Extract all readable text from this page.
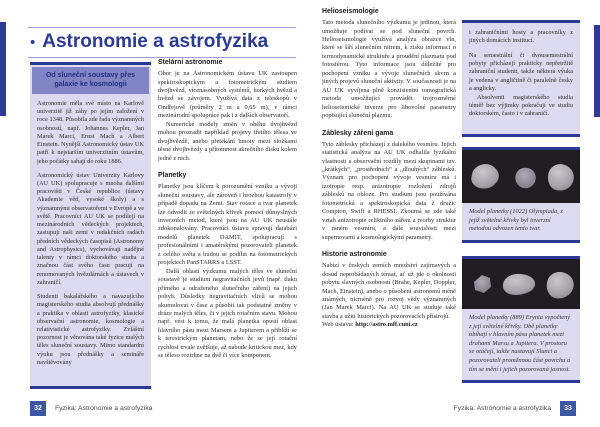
• Astronomie a astrofyzika
Od sluneční soustavy přes galaxie ke kosmologii

Astronomie měla své místo na Karlově univerzitě již záhy po jejím založení v roce 1348. Působila zde řada významných osobností, např. Johannes Kepler, Jan Marek Marci, Ernst Mach a Albert Einstein. Nynější Astronomický ústav UK patří k nejstarším univerzitním ústavům, jeho počátky sahají do roku 1886.

Astronomický ústav Univerzity Karlovy (AU UK) spolupracuje s mnoha dalšími pracovišti v České republice (ústavy Akademie věd, vysoké školy) a s významnými observatořemi v Evropě a ve světě. Pracovníci AU UK se podílejí na mezinárodních vědeckých projektech, zastupují naši zemi v redakčních radách předních vědeckých časopisů (Astronomy and Astrophysics), vychovávají nadějné talenty v rámci doktorského studia a značnou část svého času pracují na renomovaných hvězdárnách a ústavech v zahraničí.

Studenti bakalářského a navazujícího magisterského studia absolvují přednášky a praktika v oblasti astrofyziky, klasické observační astronomie, kosmologie a relativistické astrofyziky. Zvláštní pozornost je věnována také fyzice malých těles sluneční soustavy. Mimo standardní výuku jsou přednášky a semináře navštěvovány

Stelární astronomie

Obor je na Astronomickém ústavu UK zastoupen spektroskopickým a fotometrickým studiem dvojhvězd, vícenásobných systémů, horkých hvězd a hvězd se závojem. Využívá data z teleskopů v Ondřejově (průměry 2 m a 0,65 m), v rámci mezinárodní spolupráce pak i z dalších observatoří.

Numerické modely změn v oběhu dvojhvězd mohou prozradit například projevy třetího tělesa ve dvojhvězdě, anebo přetékání hmoty mezi složkami těsné dvojhvězdy a přítomnost akrečního disku kolem jedné z nich.

Planetky

Planetky jsou klíčem k porozumění vzniku a vývoji sluneční soustavy, ale zároveň i hrozbou katastrofy v případě dopadu na Zemi. Stav rotace a tvar planetek lze odvodit ze světelných křivek pomocí důmyslných inverzních metod, které jsou na AU UK neustále zdokonalovány. Pracovníci ústavu spravují databázi modelů planetek DAMIT, spolupracují s profesionálními i amatérskými pozorovateli planetek z celého světa a budou se podílet na fotometrických projektech PanSTARRS a LSST.

Další oblastí výzkumu malých těles ve sluneční soustavě je studium negravitačních jevů (např. tlaku přímého a odraženého slunečního záření) na jejich pohyb. Důsledky negravitačních vlivů se mohou akumulovat v čase a působit tak podstatné změny v dráze malých těles, či v jejich rotačním stavu. Mohou např. vést k tomu, že malá planetka opustí oblast hlavního pásu mezi Marsem a Jupiterem a přiblíží se k terestrickým planetám, nebo že se její rotační rychlost trvale zvětšuje, až nabude kritickou mez, kdy se těleso roztrhne na dvě či více komponent.

32	Fyzika: Astronomie a astrofyzika
Helioseismologie

Tato metoda slunečního výzkumu je jedinou, která umožňuje podívat se pod sluneční povrch. Helioseismologie využívá analýzu obrazce vln, které se šíří slunečním nitrem, k zisku informací o termodynamické struktuře a proudění plazmatu pod fotosférou. Tyto informace jsou důležité pro pochopení vzniku a vývoje slunečních skvrn a jiných projevů sluneční aktivity. V současnosti je na AU UK vyvíjena plně konzistentní tomografická metoda umožňující provádět trojrozměrné helioseismické inverze pro libovolné parametry popisující sluneční plazmu.

Záblesky záření gama

Tyto záblesky přicházejí z dalekého vesmíru. Jejich statistická analýza na AU UK odhalila fyzikální vlastnosti a observační rozdíly mezi skupinami tzv. „krátkých“, „prostředních“ a „dlouhých“ záblesků. Význam pro pochopení vývoje vesmíru má i izotropie resp. anizotropie rozložení zdrojů záblesků na obloze. Pro studium jsou používána fotometrická a spektroskopická data z družic Compton, Swift a RHESSI. Zkoumá se zde také vztah anizotropie reliktního záření a tvorby struktur v raném vesmíru, a dále souvislosti mezi supernovami a kosmologickými parametry.

Historie astronomie

Nabízí v českých zemích množství zajímavých a dosud neprobádaných témat, ať už jde o okolnosti pobytu slavných osobností (Brahe, Kepler, Doppler, Mach, Einstein), anebo o působení astronomů méně známých, nicméně pro rozvoj vědy významných (Jan Marek Marci). Na AU UK se studuje také stavba a užití historických pozorovacích přístrojů.

Web ústavu: http://astro.mff.cuni.cz

i zahraničními hosty a pracovníky z jiných domácích institucí.

Na semestrální či dvousemestrální pobyty přicházejí prakticky nepřetržitě zahraniční studenti, takže některá výuka je vedena v angličtině či paralelně česky a anglicky.

Absolventi magisterského studia téměř bez výjimky pokračují ve studiu doktorském, často i v zahraničí.

Model planetky (1022) Olympiada, z jejíž světelné křivky byl inverzní metodou odvozen tento tvar.
Model planetky (889) Erynia vypočtený z její světelné křivky. Obě planetky obíhají v hlavním pásu planetek mezi drahami Marsu a Jupitera. V prostoru se otáčejí, takže nastavují Slunci a pozorovateli proměnnou část povrchu a tím se mění i jejich pozorovaná jasnost.
Fyzika: Astronomie a astrofyzika	33
